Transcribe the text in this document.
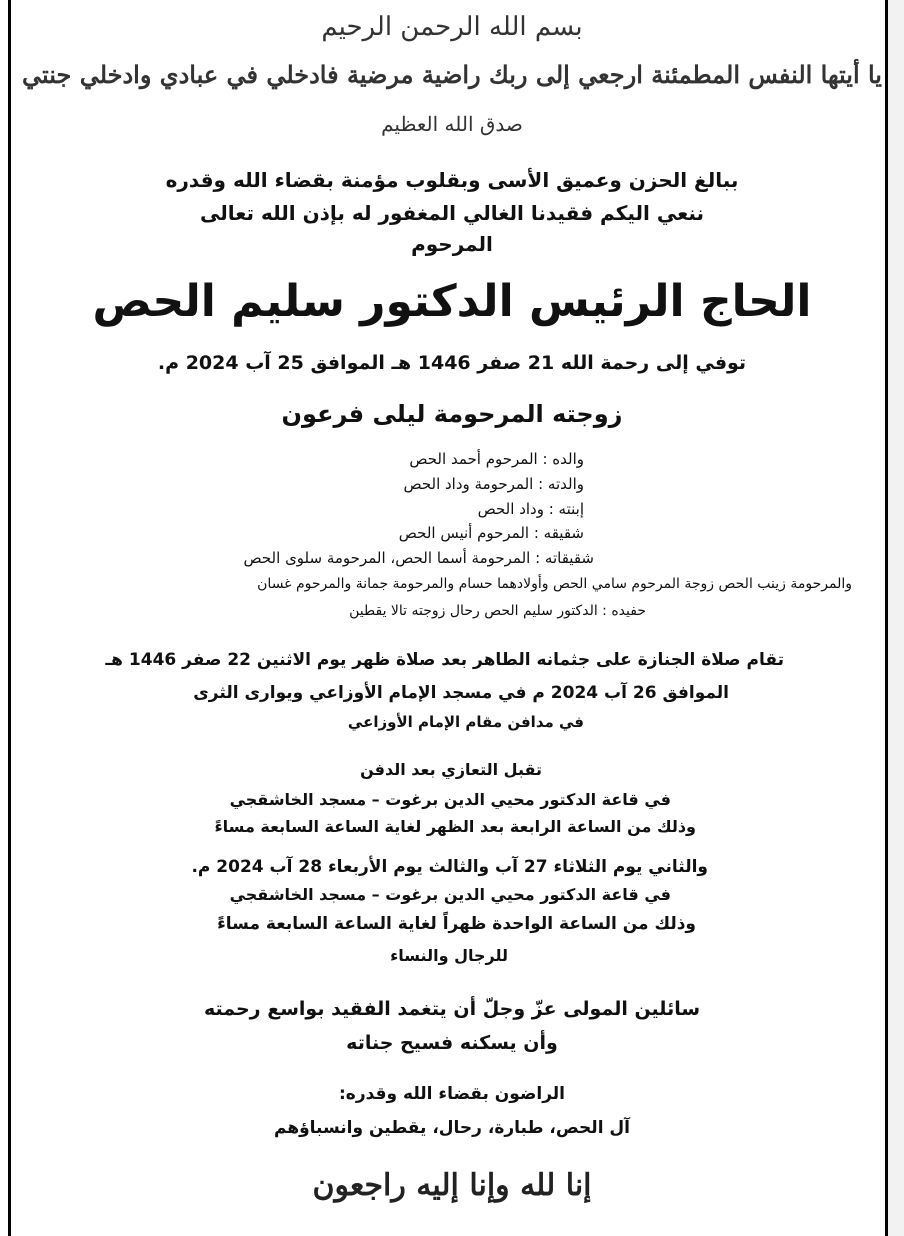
بسم الله الرحمن الرحيم
يا أيتها النفس المطمئنة ارجعي إلى ربك راضية مرضية فادخلي في عبادي وادخلي جنتي
صدق الله العظيم
ببالغ الحزن وعميق الأسى وبقلوب مؤمنة بقضاء الله وقدره
ننعي اليكم فقيدنا الغالي المغفور له بإذن الله تعالى
المرحوم
الحاج الرئيس الدكتور سليم الحص
توفي إلى رحمة الله 21 صفر 1446 هـ الموافق 25 آب 2024 م.
زوجته المرحومة ليلى فرعون
والده : المرحوم أحمد الحص
والدته : المرحومة وداد الحص
إبنته : وداد الحص
شقيقه : المرحوم أنيس الحص
شقيقاته : المرحومة أسما الحص، المرحومة سلوى الحص
والمرحومة زينب الحص زوجة المرحوم سامي الحص وأولادهما حسام والمرحومة جمانة والمرحوم غسان
حفيده : الدكتور سليم الحص رحال زوجته تالا يقطين
تقام صلاة الجنازة على جثمانه الطاهر بعد صلاة ظهر يوم الاثنين 22 صفر 1446 هـ
الموافق 26 آب 2024 م في مسجد الإمام الأوزاعي ويوارى الثرى
في مدافن مقام الإمام الأوزاعي
تقبل التعازي بعد الدفن
في قاعة الدكتور محيي الدين برغوت – مسجد الخاشقجي
وذلك من الساعة الرابعة بعد الظهر لغاية الساعة السابعة مساءً
والثاني يوم الثلاثاء 27 آب والثالث يوم الأربعاء 28 آب 2024 م.
في قاعة الدكتور محيي الدين برغوت – مسجد الخاشقجي
وذلك من الساعة الواحدة ظهراً لغاية الساعة السابعة مساءً
للرجال والنساء
سائلين المولى عزّ وجلّ أن يتغمد الفقيد بواسع رحمته
وأن يسكنه فسيح جناته
الراضون بقضاء الله وقدره:
آل الحص، طبارة، رحال، يقطين وانسباؤهم
إنا لله وإنا إليه راجعون
